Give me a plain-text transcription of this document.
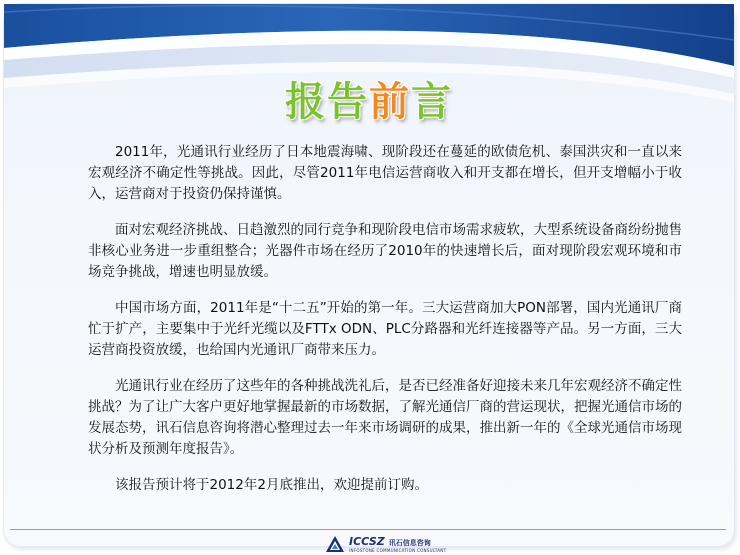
报告前言

2011年，光通讯行业经历了日本地震海啸、现阶段还在蔓延的欧债危机、泰国洪灾和一直以来宏观经济不确定性等挑战。因此，尽管2011年电信运营商收入和开支都在增长，但开支增幅小于收入，运营商对于投资仍保持谨慎。

面对宏观经济挑战、日趋激烈的同行竞争和现阶段电信市场需求疲软，大型系统设备商纷纷抛售非核心业务进一步重组整合；光器件市场在经历了2010年的快速增长后，面对现阶段宏观环境和市场竞争挑战，增速也明显放缓。

中国市场方面，2011年是“十二五”开始的第一年。三大运营商加大PON部署，国内光通讯厂商忙于扩产，主要集中于光纤光缆以及FTTx ODN、PLC分路器和光纤连接器等产品。另一方面，三大运营商投资放缓，也给国内光通讯厂商带来压力。

光通讯行业在经历了这些年的各种挑战洗礼后，是否已经准备好迎接未来几年宏观经济不确定性挑战？为了让广大客户更好地掌握最新的市场数据，了解光通信厂商的营运现状，把握光通信市场的发展态势，讯石信息咨询将潜心整理过去一年来市场调研的成果，推出新一年的《全球光通信市场现状分析及预测年度报告》。

该报告预计将于2012年2月底推出，欢迎提前订购。

ICCSZ 讯石信息咨询
INFOSTONE COMMUNICATION CONSULTANT
